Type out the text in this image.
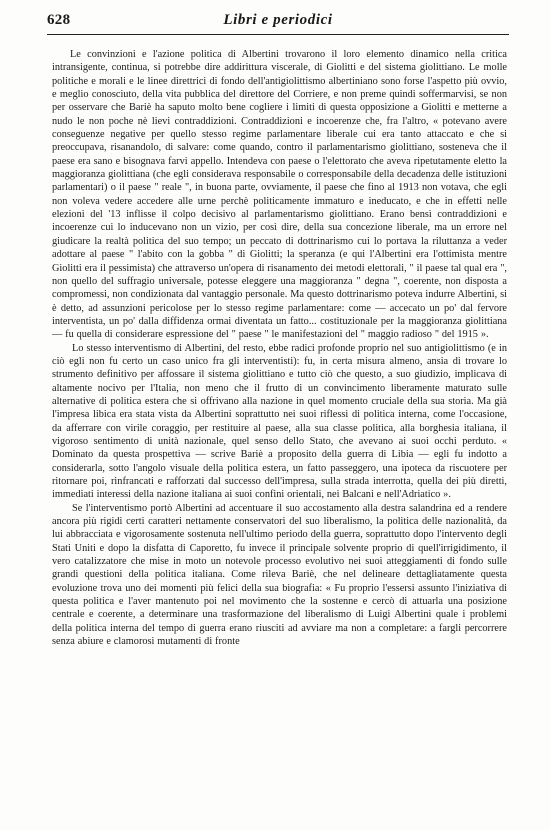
628	Libri e periodici

Le convinzioni e l'azione politica di Albertini trovarono il loro elemento dinamico nella critica intransigente, continua, si potrebbe dire addirittura viscerale, di Giolitti e del sistema giolittiano. Le molle politiche e morali e le linee direttrici di fondo dell'antigiolittismo albertiniano sono forse l'aspetto più ovvio, e meglio conosciuto, della vita pubblica del direttore del Corriere, e non preme quindi soffermarvisi, se non per osservare che Bariè ha saputo molto bene cogliere i limiti di questa opposizione a Giolitti e metterne a nudo le non poche nè lievi contraddizioni. Contraddizioni e incoerenze che, fra l'altro, « potevano avere conseguenze negative per quello stesso regime parlamentare liberale cui era tanto attaccato e che si preoccupava, risanandolo, di salvare: come quando, contro il parlamentarismo giolittiano, sosteneva che il paese era sano e bisognava farvi appello. Intendeva con paese o l'elettorato che aveva ripetutamente eletto la maggioranza giolittiana (che egli considerava responsabile o corresponsabile della decadenza delle istituzioni parlamentari) o il paese " reale ", in buona parte, ovviamente, il paese che fino al 1913 non votava, che egli non voleva vedere accedere alle urne perchè politicamente immaturo e ineducato, e che in effetti nelle elezioni del '13 inflisse il colpo decisivo al parlamentarismo giolittiano. Erano bensì contraddizioni e incoerenze cui lo inducevano non un vizio, per così dire, della sua concezione liberale, ma un errore nel giudicare la realtà politica del suo tempo; un peccato di dottrinarismo cui lo portava la riluttanza a veder adottare al paese " l'abito con la gobba " di Giolitti; la speranza (e qui l'Albertini era l'ottimista mentre Giolitti era il pessimista) che attraverso un'opera di risanamento dei metodi elettorali, " il paese tal qual era ", non quello del suffragio universale, potesse eleggere una maggioranza " degna ", coerente, non disposta a compromessi, non condizionata dal vantaggio personale. Ma questo dottrinarismo poteva indurre Albertini, si è detto, ad assunzioni pericolose per lo stesso regime parlamentare: come — accecato un po' dal fervore interventista, un po' dalla diffidenza ormai diventata un fatto... costituzionale per la maggioranza giolittiana — fu quella di considerare espressione del " paese " le manifestazioni del " maggio radioso " del 1915 ».

Lo stesso interventismo di Albertini, del resto, ebbe radici profonde proprio nel suo antigiolittismo (e in ciò egli non fu certo un caso unico fra gli interventisti): fu, in certa misura almeno, ansia di trovare lo strumento definitivo per affossare il sistema giolittiano e tutto ciò che questo, a suo giudizio, implicava di altamente nocivo per l'Italia, non meno che il frutto di un convincimento liberamente maturato sulle alternative di politica estera che si offrivano alla nazione in quel momento cruciale della sua storia. Ma già l'impresa libica era stata vista da Albertini soprattutto nei suoi riflessi di politica interna, come l'occasione, da afferrare con virile coraggio, per restituire al paese, alla sua classe politica, alla borghesia italiana, il vigoroso sentimento di unità nazionale, quel senso dello Stato, che avevano ai suoi occhi perduto. « Dominato da questa prospettiva — scrive Bariè a proposito della guerra di Libia — egli fu indotto a considerarla, sotto l'angolo visuale della politica estera, un fatto passeggero, una ipoteca da riscuotere per ritornare poi, rinfrancati e rafforzati dal successo dell'impresa, sulla strada interrotta, quella dei più diretti, immediati interessi della nazione italiana ai suoi confini orientali, nei Balcani e nell'Adriatico ».

Se l'interventismo portò Albertini ad accentuare il suo accostamento alla destra salandrina ed a rendere ancora più rigidi certi caratteri nettamente conservatori del suo liberalismo, la politica delle nazionalità, da lui abbracciata e vigorosamente sostenuta nell'ultimo periodo della guerra, soprattutto dopo l'intervento degli Stati Uniti e dopo la disfatta di Caporetto, fu invece il principale solvente proprio di quell'irrigidimento, il vero catalizzatore che mise in moto un notevole processo evolutivo nei suoi atteggiamenti di fondo sulle grandi questioni della politica italiana. Come rileva Bariè, che nel delineare dettagliatamente questa evoluzione trova uno dei momenti più felici della sua biografia: « Fu proprio l'essersi assunto l'iniziativa di questa politica e l'aver mantenuto poi nel movimento che la sostenne e cercò di attuarla una posizione centrale e coerente, a determinare una trasformazione del liberalismo di Luigi Albertini quale i problemi della politica interna del tempo di guerra erano riusciti ad avviare ma non a completare: a fargli percorrere senza abiure e clamorosi mutamenti di fronte
